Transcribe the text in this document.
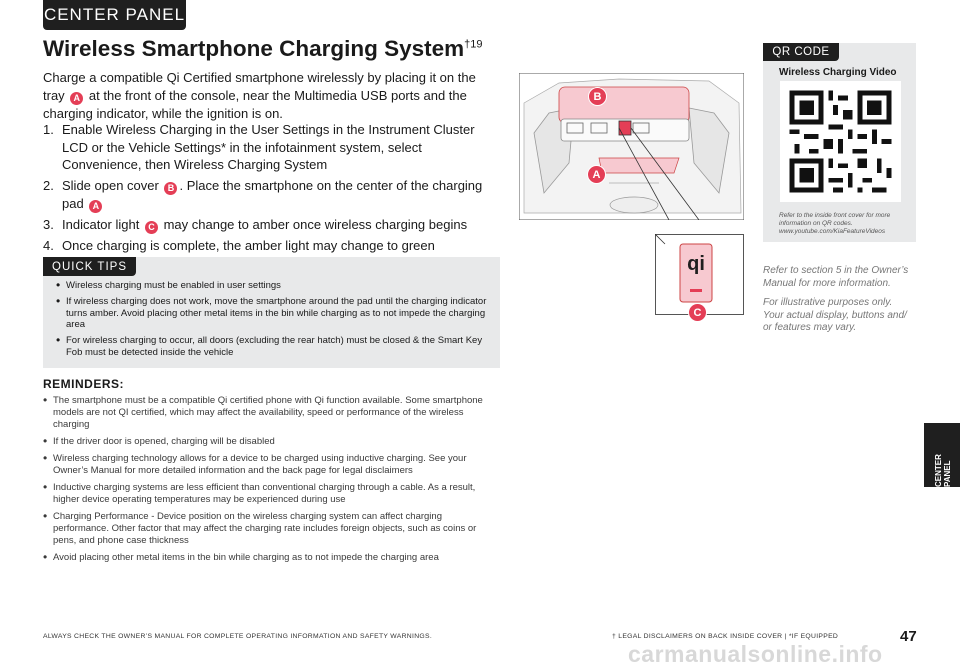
CENTER PANEL
Wireless Smartphone Charging System$^{\dagger 19}$
Charge a compatible Qi Certified smartphone wirelessly by placing it on the tray A at the front of the console, near the Multimedia USB ports and the charging indicator, while the ignition is on.
1. Enable Wireless Charging in the User Settings in the Instrument Cluster LCD or the Vehicle Settings* in the infotainment system, select Convenience, then Wireless Charging System
2. Slide open cover B . Place the smartphone on the center of the charging pad A
3. Indicator light C may change to amber once wireless charging begins
4. Once charging is complete, the amber light may change to green
QUICK TIPS
• Wireless charging must be enabled in user settings
• If wireless charging does not work, move the smartphone around the pad until the charging indicator turns amber. Avoid placing other metal items in the bin while charging as to not impede the charging area
• For wireless charging to occur, all doors (excluding the rear hatch) must be closed & the Smart Key Fob must be detected inside the vehicle
REMINDERS:
• The smartphone must be a compatible Qi certified phone with Qi function available. Some smartphone models are not QI certified, which may affect the availability, speed or performance of the wireless charging
• If the driver door is opened, charging will be disabled
• Wireless charging technology allows for a device to be charged using inductive charging. See your Owner’s Manual for more detailed information and the back page for legal disclaimers
• Inductive charging systems are less efficient than conventional charging through a cable. As a result, higher device operating temperatures may be experienced during use
• Charging Performance - Device position on the wireless charging system can affect charging performance. Other factor that may affect the charging rate includes foreign objects, such as coins or pens, and phone case thickness
• Avoid placing other metal items in the bin while charging as to not impede the charging area
qi
B
A
C
QR CODE
Wireless Charging Video
Refer to the inside front cover for more information on QR codes. www.youtube.com/KiaFeatureVideos
Refer to section 5 in the Owner’s Manual for more information.
For illustrative purposes only. Your actual display, buttons and/ or features may vary.
CENTER PANEL
ALWAYS CHECK THE OWNER’S MANUAL FOR COMPLETE OPERATING INFORMATION AND SAFETY WARNINGS.	† LEGAL DISCLAIMERS ON BACK INSIDE COVER | *IF EQUIPPED	47
carmanualsonline.info
